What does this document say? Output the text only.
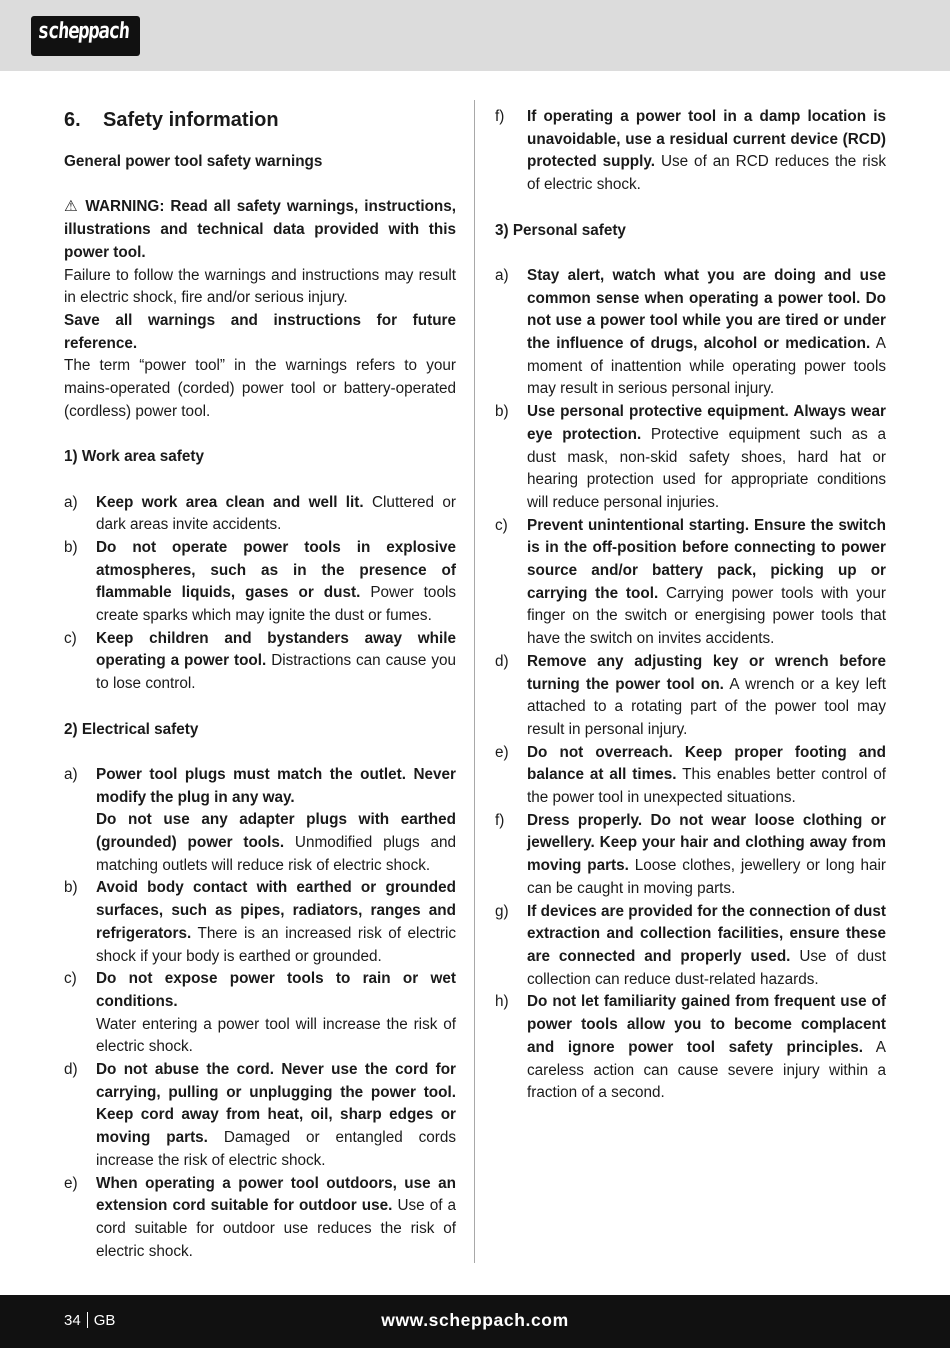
scheppach
6. Safety information
General power tool safety warnings

⚠ WARNING: Read all safety warnings, instructions, illustrations and technical data provided with this power tool.

Failure to follow the warnings and instructions may result in electric shock, fire and/or serious injury.

Save all warnings and instructions for future reference.

The term “power tool” in the warnings refers to your mains-operated (corded) power tool or battery-operated (cordless) power tool.

1) Work area safety
a) Keep work area clean and well lit. Cluttered or dark areas invite accidents.
b) Do not operate power tools in explosive atmospheres, such as in the presence of flammable liquids, gases or dust. Power tools create sparks which may ignite the dust or fumes.
c) Keep children and bystanders away while operating a power tool. Distractions can cause you to lose control.
2) Electrical safety
a) Power tool plugs must match the outlet. Never modify the plug in any way.
Do not use any adapter plugs with earthed (grounded) power tools. Unmodified plugs and matching outlets will reduce risk of electric shock.
b) Avoid body contact with earthed or grounded surfaces, such as pipes, radiators, ranges and refrigerators. There is an increased risk of electric shock if your body is earthed or grounded.
c) Do not expose power tools to rain or wet conditions.
Water entering a power tool will increase the risk of electric shock.
d) Do not abuse the cord. Never use the cord for carrying, pulling or unplugging the power tool. Keep cord away from heat, oil, sharp edges or moving parts. Damaged or entangled cords increase the risk of electric shock.
e) When operating a power tool outdoors, use an extension cord suitable for outdoor use. Use of a cord suitable for outdoor use reduces the risk of electric shock.
f) If operating a power tool in a damp location is unavoidable, use a residual current device (RCD) protected supply. Use of an RCD reduces the risk of electric shock.
3) Personal safety
a) Stay alert, watch what you are doing and use common sense when operating a power tool. Do not use a power tool while you are tired or under the influence of drugs, alcohol or medication. A moment of inattention while operating power tools may result in serious personal injury.
b) Use personal protective equipment. Always wear eye protection. Protective equipment such as a dust mask, non-skid safety shoes, hard hat or hearing protection used for appropriate conditions will reduce personal injuries.
c) Prevent unintentional starting. Ensure the switch is in the off-position before connecting to power source and/or battery pack, picking up or carrying the tool. Carrying power tools with your finger on the switch or energising power tools that have the switch on invites accidents.
d) Remove any adjusting key or wrench before turning the power tool on. A wrench or a key left attached to a rotating part of the power tool may result in personal injury.
e) Do not overreach. Keep proper footing and balance at all times. This enables better control of the power tool in unexpected situations.
f) Dress properly. Do not wear loose clothing or jewellery. Keep your hair and clothing away from moving parts. Loose clothes, jewellery or long hair can be caught in moving parts.
g) If devices are provided for the connection of dust extraction and collection facilities, ensure these are connected and properly used. Use of dust collection can reduce dust-related hazards.
h) Do not let familiarity gained from frequent use of power tools allow you to become complacent and ignore power tool safety principles. A careless action can cause severe injury within a fraction of a second.
34 GB	www.scheppach.com
